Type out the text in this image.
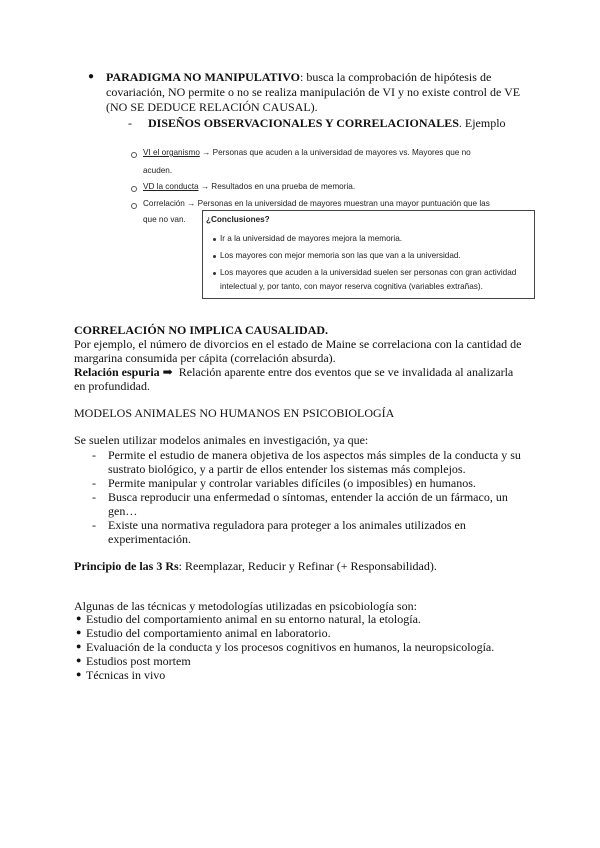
● PARADIGMA NO MANIPULATIVO: busca la comprobación de hipótesis de
covariación, NO permite o no se realiza manipulación de VI y no existe control de VE
(NO SE DEDUCE RELACIÓN CAUSAL).
- DISEÑOS OBSERVACIONALES Y CORRELACIONALES. Ejemplo
VI el organismo → Personas que acuden a la universidad de mayores vs. Mayores que no
acuden.
VD la conducta → Resultados en una prueba de memoria.
Correlación → Personas en la universidad de mayores muestran una mayor puntuación que las
que no van. ¿Conclusiones?
Ir a la universidad de mayores mejora la memoria.
Los mayores con mejor memoria son las que van a la universidad.
Los mayores que acuden a la universidad suelen ser personas con gran actividad
intelectual y, por tanto, con mayor reserva cognitiva (variables extrañas).
CORRELACIÓN NO IMPLICA CAUSALIDAD.
Por ejemplo, el número de divorcios en el estado de Maine se correlaciona con la cantidad de
margarina consumida per cápita (correlación absurda).
Relación espuria ➡ Relación aparente entre dos eventos que se ve invalidada al analizarla
en profundidad.
MODELOS ANIMALES NO HUMANOS EN PSICOBIOLOGÍA
Se suelen utilizar modelos animales en investigación, ya que:
- Permite el estudio de manera objetiva de los aspectos más simples de la conducta y su
sustrato biológico, y a partir de ellos entender los sistemas más complejos.
- Permite manipular y controlar variables difíciles (o imposibles) en humanos.
- Busca reproducir una enfermedad o síntomas, entender la acción de un fármaco, un
gen…
- Existe una normativa reguladora para proteger a los animales utilizados en
experimentación.
Principio de las 3 Rs: Reemplazar, Reducir y Refinar (+ Responsabilidad).
Algunas de las técnicas y metodologías utilizadas en psicobiología son:
● Estudio del comportamiento animal en su entorno natural, la etología.
● Estudio del comportamiento animal en laboratorio.
● Evaluación de la conducta y los procesos cognitivos en humanos, la neuropsicología.
● Estudios post mortem
● Técnicas in vivo
